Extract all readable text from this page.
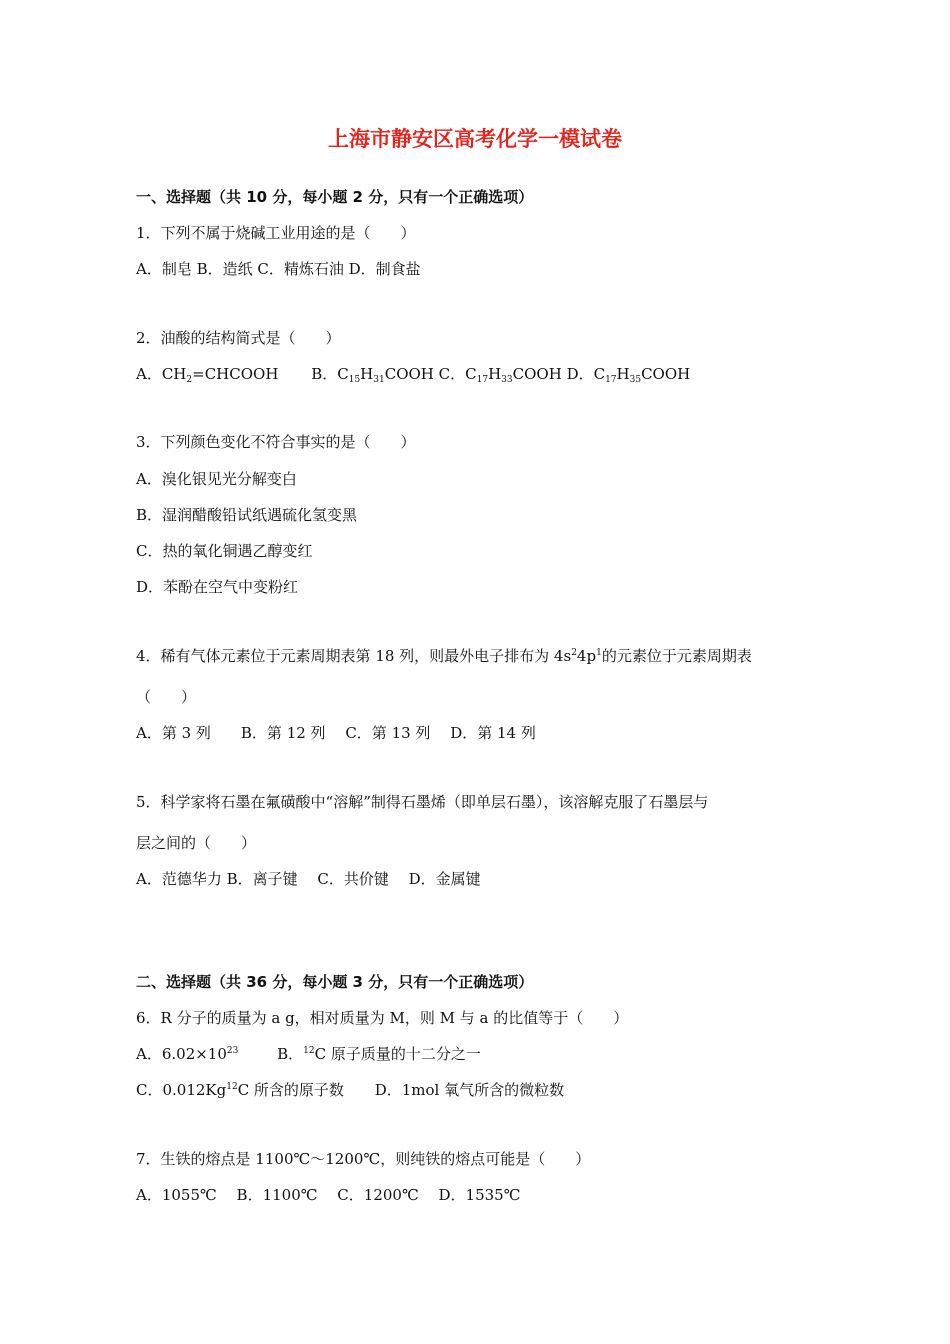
上海市静安区高考化学一模试卷
一、选择题（共 10 分，每小题 2 分，只有一个正确选项）
1．下列不属于烧碱工业用途的是（　　）
A．制皂 B．造纸 C．精炼石油 D．制食盐
2．油酸的结构简式是（　　）
A．$CH_2=CHCOOH$ B．$C_{15}H_{31}COOH$ C．$C_{17}H_{33}COOH$ D．$C_{17}H_{35}COOH$
3．下列颜色变化不符合事实的是（　　）
A．溴化银见光分解变白
B．湿润醋酸铅试纸遇硫化氢变黑
C．热的氧化铜遇乙醇变红
D．苯酚在空气中变粉红
4．稀有气体元素位于元素周期表第 18 列，则最外电子排布为 $4s^24p^1$的元素位于元素周期表
（　　）
A．第 3 列　　B．第 12 列　 C．第 13 列　 D．第 14 列
5．科学家将石墨在氟磺酸中“溶解”制得石墨烯（即单层石墨），该溶解克服了石墨层与
层之间的（　　）
A．范德华力 B．离子键　 C．共价键　 D．金属键
二、选择题（共 36 分，每小题 3 分，只有一个正确选项）
6．R 分子的质量为 a g，相对质量为 M，则 M 与 a 的比值等于（　　）
A．$6.02\times 10^{23}$	B．$^{12}$C 原子质量的十二分之一
C．0.012Kg$^{12}$C 所含的原子数 D．1mol 氧气所含的微粒数
7．生铁的熔点是 1100℃～1200℃，则纯铁的熔点可能是（　　）
A．1055℃　 B．1100℃　 C．1200℃　 D．1535℃
